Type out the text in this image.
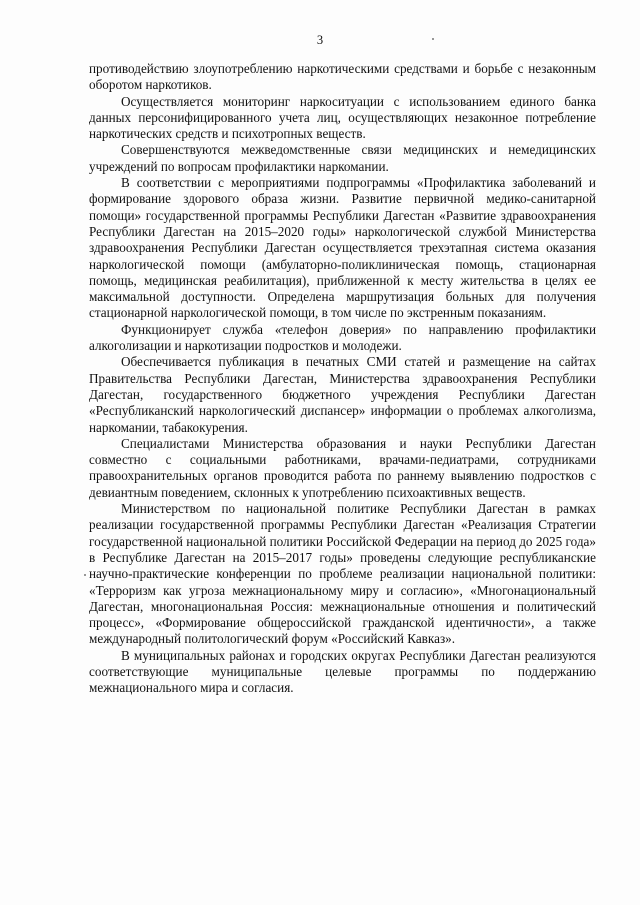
3

противодействию злоупотреблению наркотическими средствами и борьбе с незаконным оборотом наркотиков.

Осуществляется мониторинг наркоситуации с использованием единого банка данных персонифицированного учета лиц, осуществляющих незаконное потребление наркотических средств и психотропных веществ.

Совершенствуются межведомственные связи медицинских и немедицинских учреждений по вопросам профилактики наркомании.

В соответствии с мероприятиями подпрограммы «Профилактика заболеваний и формирование здорового образа жизни. Развитие первичной медико-санитарной помощи» государственной программы Республики Дагестан «Развитие здравоохранения Республики Дагестан на 2015–2020 годы» наркологической службой Министерства здравоохранения Республики Дагестан осуществляется трехэтапная система оказания наркологической помощи (амбулаторно-поликлиническая помощь, стационарная помощь, медицинская реабилитация), приближенной к месту жительства в целях ее максимальной доступности. Определена маршрутизация больных для получения стационарной наркологической помощи, в том числе по экстренным показаниям.

Функционирует служба «телефон доверия» по направлению профилактики алкоголизации и наркотизации подростков и молодежи.

Обеспечивается публикация в печатных СМИ статей и размещение на сайтах Правительства Республики Дагестан, Министерства здравоохранения Республики Дагестан, государственного бюджетного учреждения Республики Дагестан «Республиканский наркологический диспансер» информации о проблемах алкоголизма, наркомании, табакокурения.

Специалистами Министерства образования и науки Республики Дагестан совместно с социальными работниками, врачами-педиатрами, сотрудниками правоохранительных органов проводится работа по раннему выявлению подростков с девиантным поведением, склонных к употреблению психоактивных веществ.

Министерством по национальной политике Республики Дагестан в рамках реализации государственной программы Республики Дагестан «Реализация Стратегии государственной национальной политики Российской Федерации на период до 2025 года» в Республике Дагестан на 2015–2017 годы» проведены следующие республиканские научно-практические конференции по проблеме реализации национальной политики: «Терроризм как угроза межнациональному миру и согласию», «Многонациональный Дагестан, многонациональная Россия: межнациональные отношения и политический процесс», «Формирование общероссийской гражданской идентичности», а также международный политологический форум «Российский Кавказ».

В муниципальных районах и городских округах Республики Дагестан реализуются соответствующие муниципальные целевые программы по поддержанию межнационального мира и согласия.
